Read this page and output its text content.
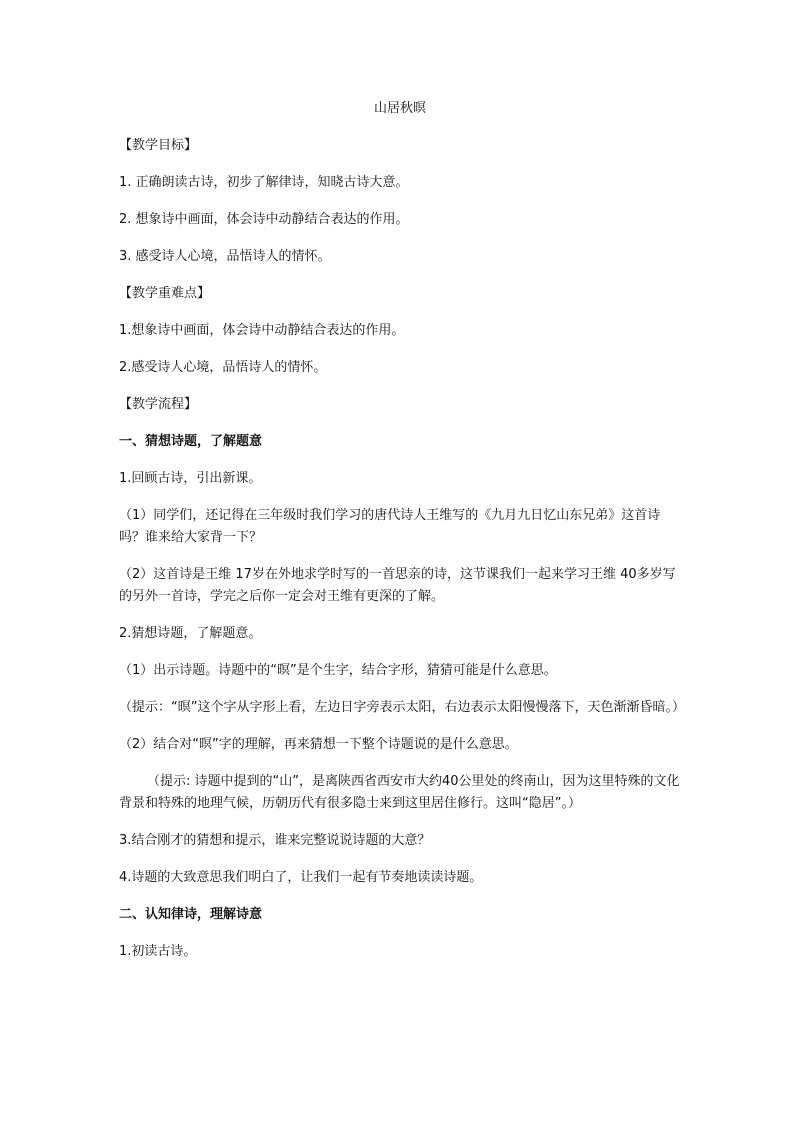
山居秋暝
【教学目标】
1. 正确朗读古诗，初步了解律诗，知晓古诗大意。
2. 想象诗中画面，体会诗中动静结合表达的作用。
3. 感受诗人心境，品悟诗人的情怀。
【教学重难点】
1.想象诗中画面，体会诗中动静结合表达的作用。
2.感受诗人心境，品悟诗人的情怀。
【教学流程】
一、猜想诗题，了解题意
1.回顾古诗，引出新课。
（1）同学们，还记得在三年级时我们学习的唐代诗人王维写的《九月九日忆山东兄弟》这首诗吗？谁来给大家背一下？
（2）这首诗是王维 17岁在外地求学时写的一首思亲的诗，这节课我们一起来学习王维 40多岁写的另外一首诗，学完之后你一定会对王维有更深的了解。
2.猜想诗题，了解题意。
（1）出示诗题。诗题中的“暝”是个生字，结合字形，猜猜可能是什么意思。
（提示：“暝”这个字从字形上看，左边日字旁表示太阳，右边表示太阳慢慢落下，天色渐渐昏暗。）
（2）结合对“暝”字的理解，再来猜想一下整个诗题说的是什么意思。
（提示: 诗题中提到的“山”，是离陕西省西安市大约40公里处的终南山，因为这里特殊的文化背景和特殊的地理气候，历朝历代有很多隐士来到这里居住修行。这叫“隐居”。）
3.结合刚才的猜想和提示，谁来完整说说诗题的大意？
4.诗题的大致意思我们明白了，让我们一起有节奏地读读诗题。
二、认知律诗，理解诗意
1.初读古诗。
